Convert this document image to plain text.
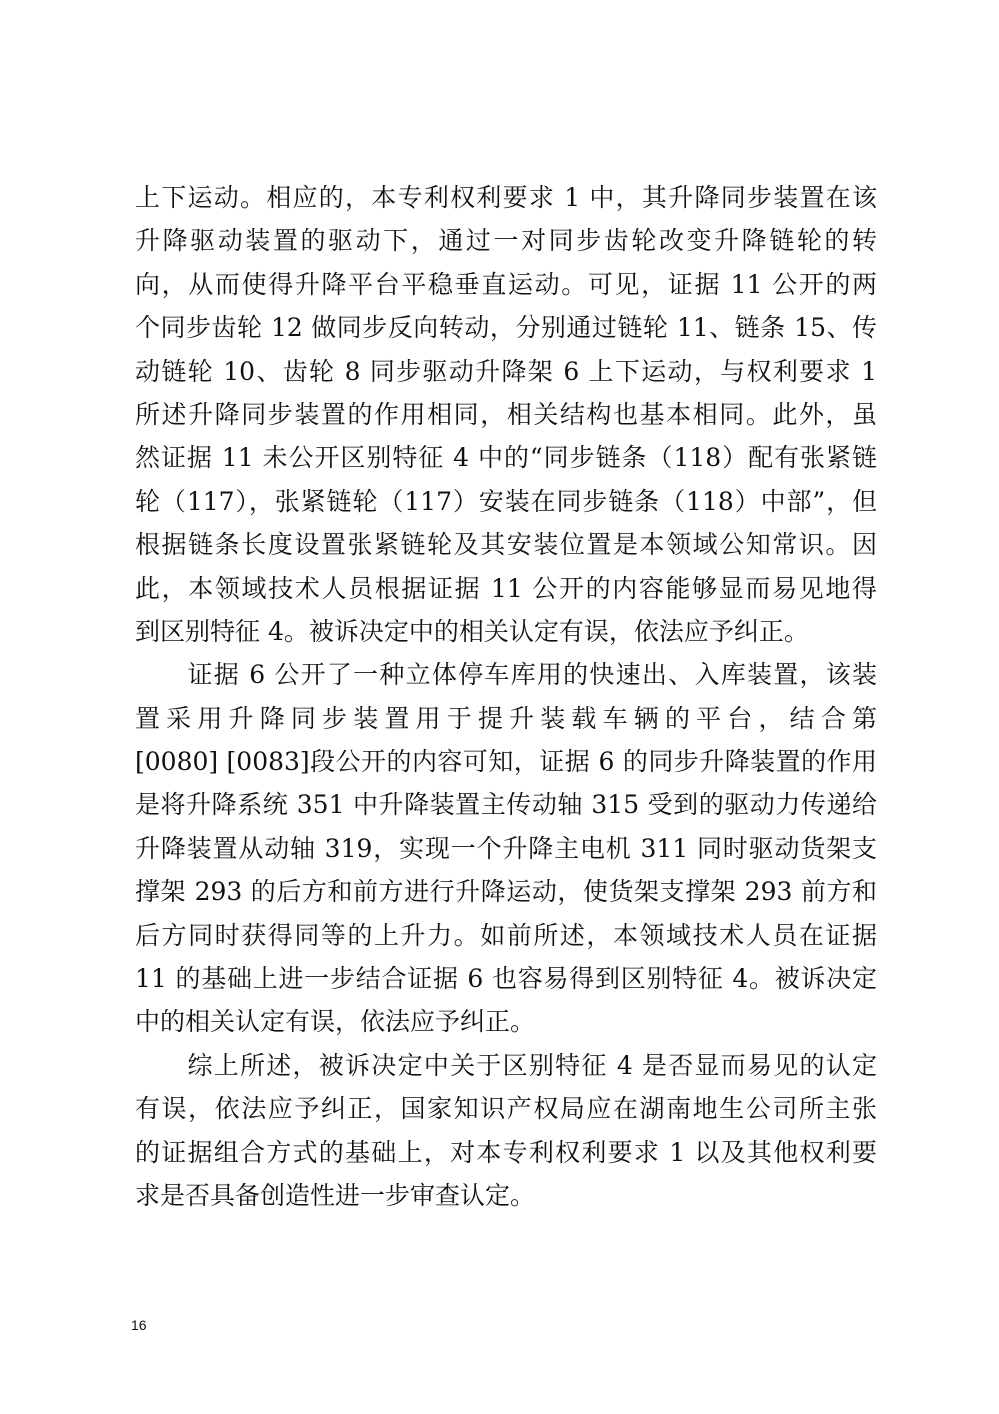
上下运动。相应的，本专利权利要求 1 中，其升降同步装置在该
升降驱动装置的驱动下，通过一对同步齿轮改变升降链轮的转
向，从而使得升降平台平稳垂直运动。可见，证据 11 公开的两
个同步齿轮 12 做同步反向转动，分别通过链轮 11、链条 15、传
动链轮 10、齿轮 8 同步驱动升降架 6 上下运动，与权利要求 1
所述升降同步装置的作用相同，相关结构也基本相同。此外，虽
然证据 11 未公开区别特征 4 中的“同步链条（118）配有张紧链
轮（117），张紧链轮（117）安装在同步链条（118）中部”，但
根据链条长度设置张紧链轮及其安装位置是本领域公知常识。因
此，本领域技术人员根据证据 11 公开的内容能够显而易见地得
到区别特征 4。被诉决定中的相关认定有误，依法应予纠正。
　　证据 6 公开了一种立体停车库用的快速出、入库装置，该装
置采用升降同步装置用于提升装载车辆的平台，结合第
[0080] [0083]段公开的内容可知，证据 6 的同步升降装置的作用
是将升降系统 351 中升降装置主传动轴 315 受到的驱动力传递给
升降装置从动轴 319，实现一个升降主电机 311 同时驱动货架支
撑架 293 的后方和前方进行升降运动，使货架支撑架 293 前方和
后方同时获得同等的上升力。如前所述，本领域技术人员在证据
11 的基础上进一步结合证据 6 也容易得到区别特征 4。被诉决定
中的相关认定有误，依法应予纠正。
　　综上所述，被诉决定中关于区别特征 4 是否显而易见的认定
有误，依法应予纠正，国家知识产权局应在湖南地生公司所主张
的证据组合方式的基础上，对本专利权利要求 1 以及其他权利要
求是否具备创造性进一步审查认定。
16
